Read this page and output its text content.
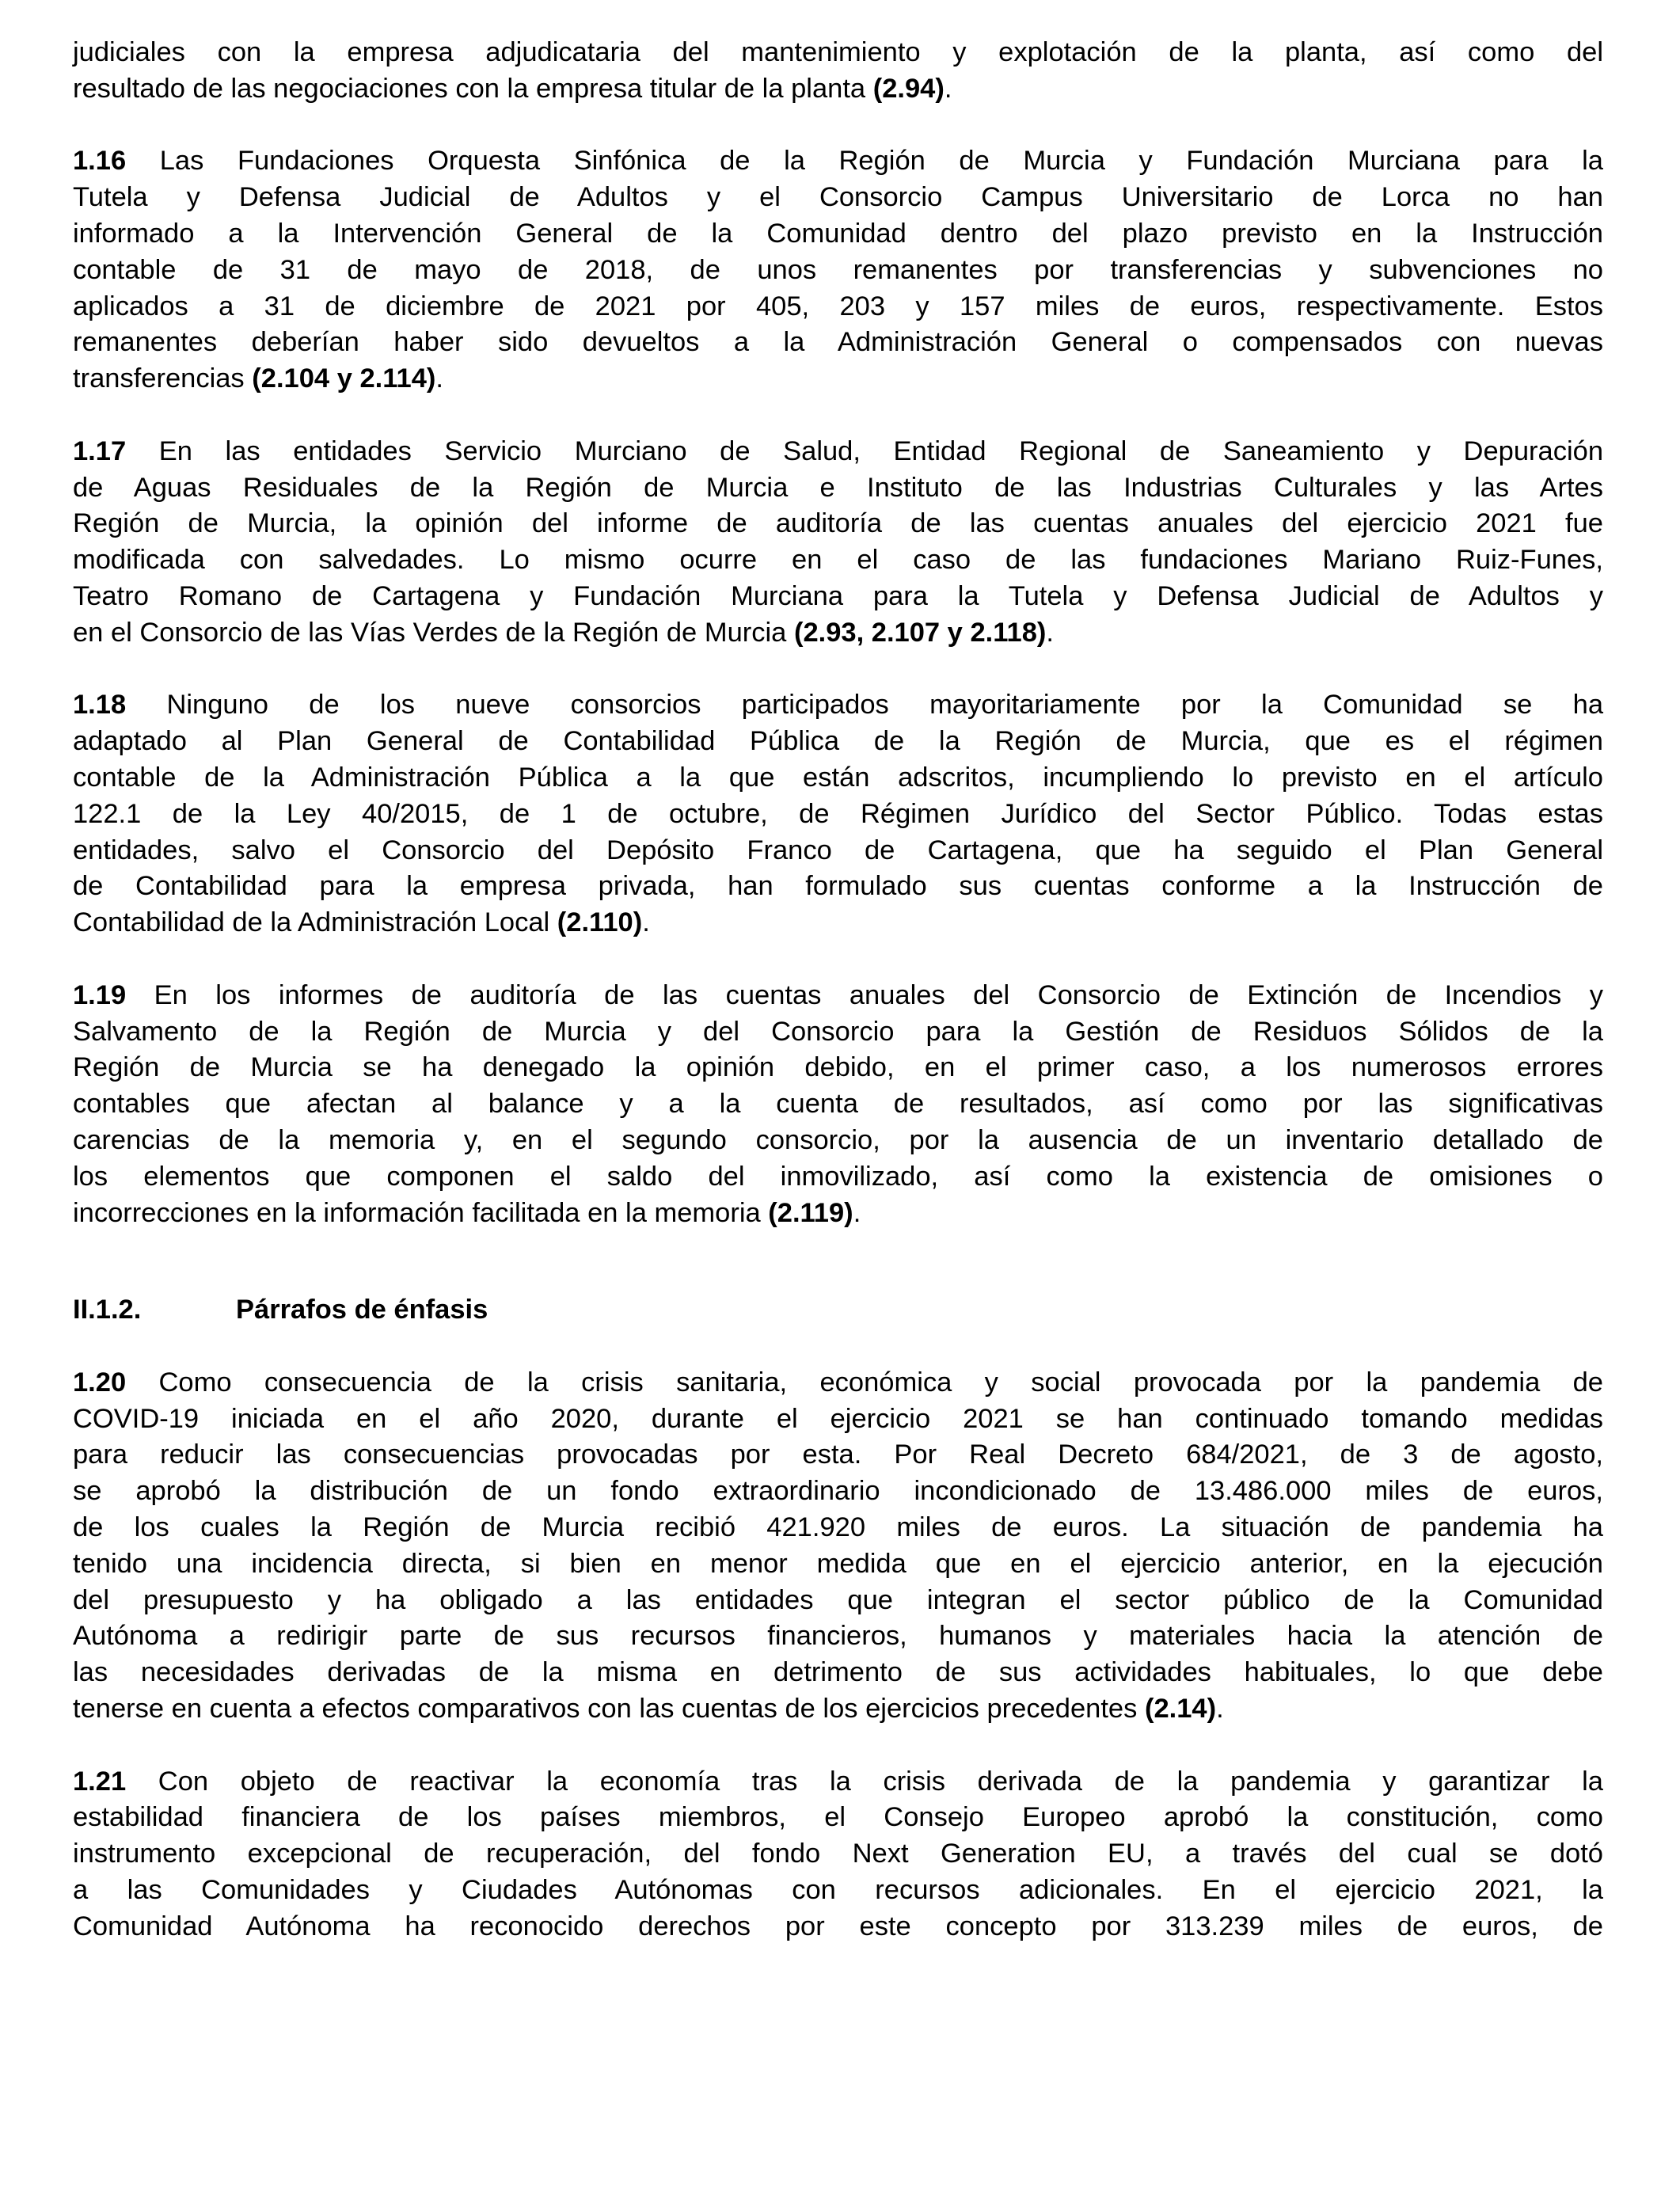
judiciales con la empresa adjudicataria del mantenimiento y explotación de la planta, así como del
resultado de las negociaciones con la empresa titular de la planta (2.94).

1.16 Las Fundaciones Orquesta Sinfónica de la Región de Murcia y Fundación Murciana para la
Tutela y Defensa Judicial de Adultos y el Consorcio Campus Universitario de Lorca no han
informado a la Intervención General de la Comunidad dentro del plazo previsto en la Instrucción
contable de 31 de mayo de 2018, de unos remanentes por transferencias y subvenciones no
aplicados a 31 de diciembre de 2021 por 405, 203 y 157 miles de euros, respectivamente. Estos
remanentes deberían haber sido devueltos a la Administración General o compensados con nuevas
transferencias (2.104 y 2.114).

1.17 En las entidades Servicio Murciano de Salud, Entidad Regional de Saneamiento y Depuración
de Aguas Residuales de la Región de Murcia e Instituto de las Industrias Culturales y las Artes
Región de Murcia, la opinión del informe de auditoría de las cuentas anuales del ejercicio 2021 fue
modificada con salvedades. Lo mismo ocurre en el caso de las fundaciones Mariano Ruiz-Funes,
Teatro Romano de Cartagena y Fundación Murciana para la Tutela y Defensa Judicial de Adultos y
en el Consorcio de las Vías Verdes de la Región de Murcia (2.93, 2.107 y 2.118).

1.18 Ninguno de los nueve consorcios participados mayoritariamente por la Comunidad se ha
adaptado al Plan General de Contabilidad Pública de la Región de Murcia, que es el régimen
contable de la Administración Pública a la que están adscritos, incumpliendo lo previsto en el artículo
122.1 de la Ley 40/2015, de 1 de octubre, de Régimen Jurídico del Sector Público. Todas estas
entidades, salvo el Consorcio del Depósito Franco de Cartagena, que ha seguido el Plan General
de Contabilidad para la empresa privada, han formulado sus cuentas conforme a la Instrucción de
Contabilidad de la Administración Local (2.110).

1.19 En los informes de auditoría de las cuentas anuales del Consorcio de Extinción de Incendios y
Salvamento de la Región de Murcia y del Consorcio para la Gestión de Residuos Sólidos de la
Región de Murcia se ha denegado la opinión debido, en el primer caso, a los numerosos errores
contables que afectan al balance y a la cuenta de resultados, así como por las significativas
carencias de la memoria y, en el segundo consorcio, por la ausencia de un inventario detallado de
los elementos que componen el saldo del inmovilizado, así como la existencia de omisiones o
incorrecciones en la información facilitada en la memoria (2.119).

II.1.2.	Párrafos de énfasis

1.20 Como consecuencia de la crisis sanitaria, económica y social provocada por la pandemia de
COVID-19 iniciada en el año 2020, durante el ejercicio 2021 se han continuado tomando medidas
para reducir las consecuencias provocadas por esta. Por Real Decreto 684/2021, de 3 de agosto,
se aprobó la distribución de un fondo extraordinario incondicionado de 13.486.000 miles de euros,
de los cuales la Región de Murcia recibió 421.920 miles de euros. La situación de pandemia ha
tenido una incidencia directa, si bien en menor medida que en el ejercicio anterior, en la ejecución
del presupuesto y ha obligado a las entidades que integran el sector público de la Comunidad
Autónoma a redirigir parte de sus recursos financieros, humanos y materiales hacia la atención de
las necesidades derivadas de la misma en detrimento de sus actividades habituales, lo que debe
tenerse en cuenta a efectos comparativos con las cuentas de los ejercicios precedentes (2.14).

1.21 Con objeto de reactivar la economía tras la crisis derivada de la pandemia y garantizar la
estabilidad financiera de los países miembros, el Consejo Europeo aprobó la constitución, como
instrumento excepcional de recuperación, del fondo Next Generation EU, a través del cual se dotó
a las Comunidades y Ciudades Autónomas con recursos adicionales. En el ejercicio 2021, la
Comunidad Autónoma ha reconocido derechos por este concepto por 313.239 miles de euros, de
